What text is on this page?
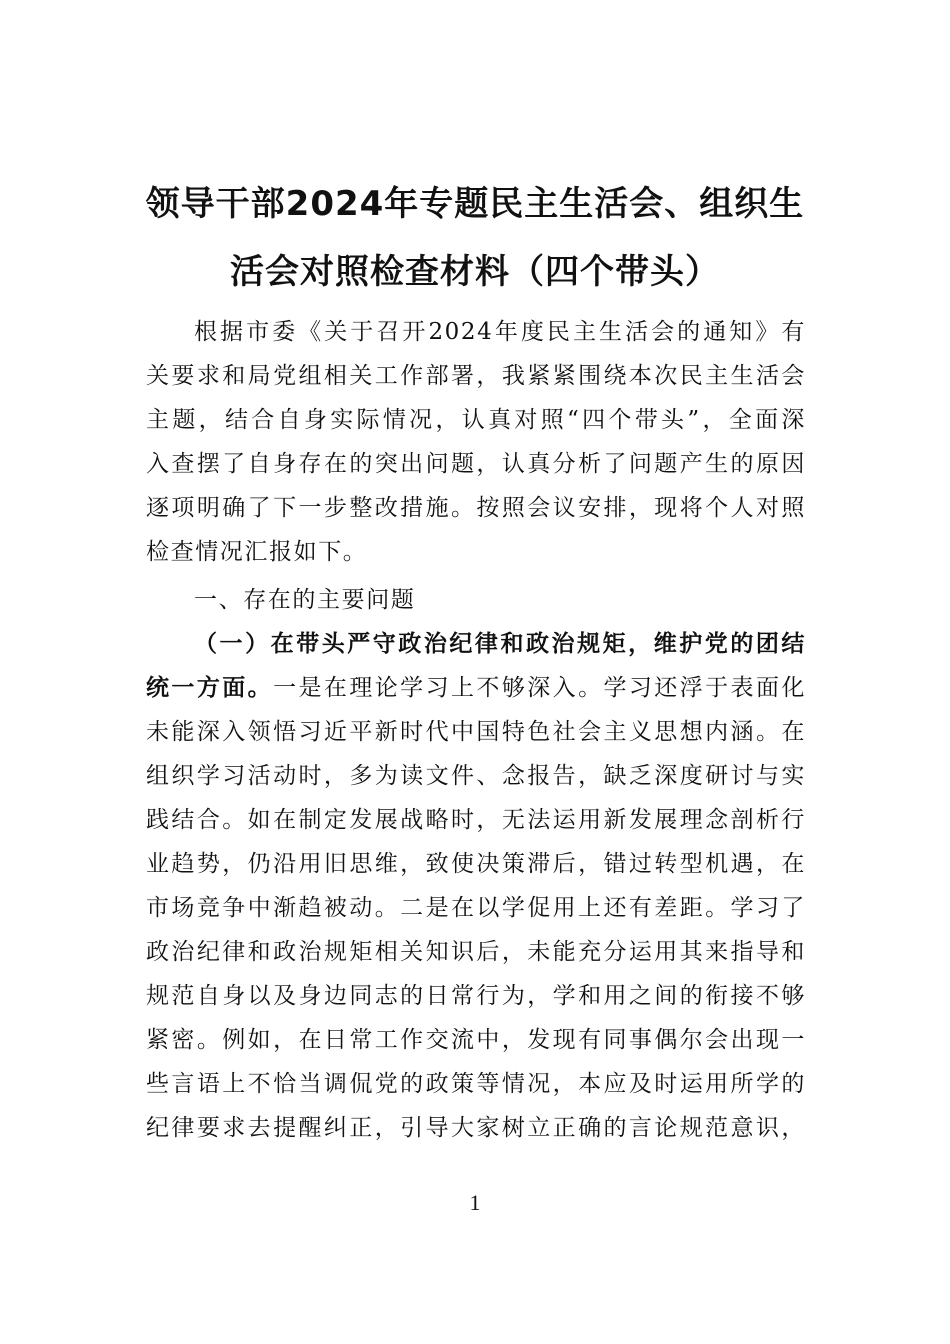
领导干部2024年专题民主生活会、组织生
活会对照检查材料（四个带头）
根据市委《关于召开2024年度民主生活会的通知》有
关要求和局党组相关工作部署，我紧紧围绕本次民主生活会
主题，结合自身实际情况，认真对照“四个带头”，全面深
入查摆了自身存在的突出问题，认真分析了问题产生的原因
逐项明确了下一步整改措施。按照会议安排，现将个人对照
检查情况汇报如下。
一、存在的主要问题
（一）在带头严守政治纪律和政治规矩，维护党的团结
统一方面。一是在理论学习上不够深入。学习还浮于表面化
未能深入领悟习近平新时代中国特色社会主义思想内涵。在
组织学习活动时，多为读文件、念报告，缺乏深度研讨与实
践结合。如在制定发展战略时，无法运用新发展理念剖析行
业趋势，仍沿用旧思维，致使决策滞后，错过转型机遇，在
市场竞争中渐趋被动。二是在以学促用上还有差距。学习了
政治纪律和政治规矩相关知识后，未能充分运用其来指导和
规范自身以及身边同志的日常行为，学和用之间的衔接不够
紧密。例如，在日常工作交流中，发现有同事偶尔会出现一
些言语上不恰当调侃党的政策等情况，本应及时运用所学的
纪律要求去提醒纠正，引导大家树立正确的言论规范意识，
1
